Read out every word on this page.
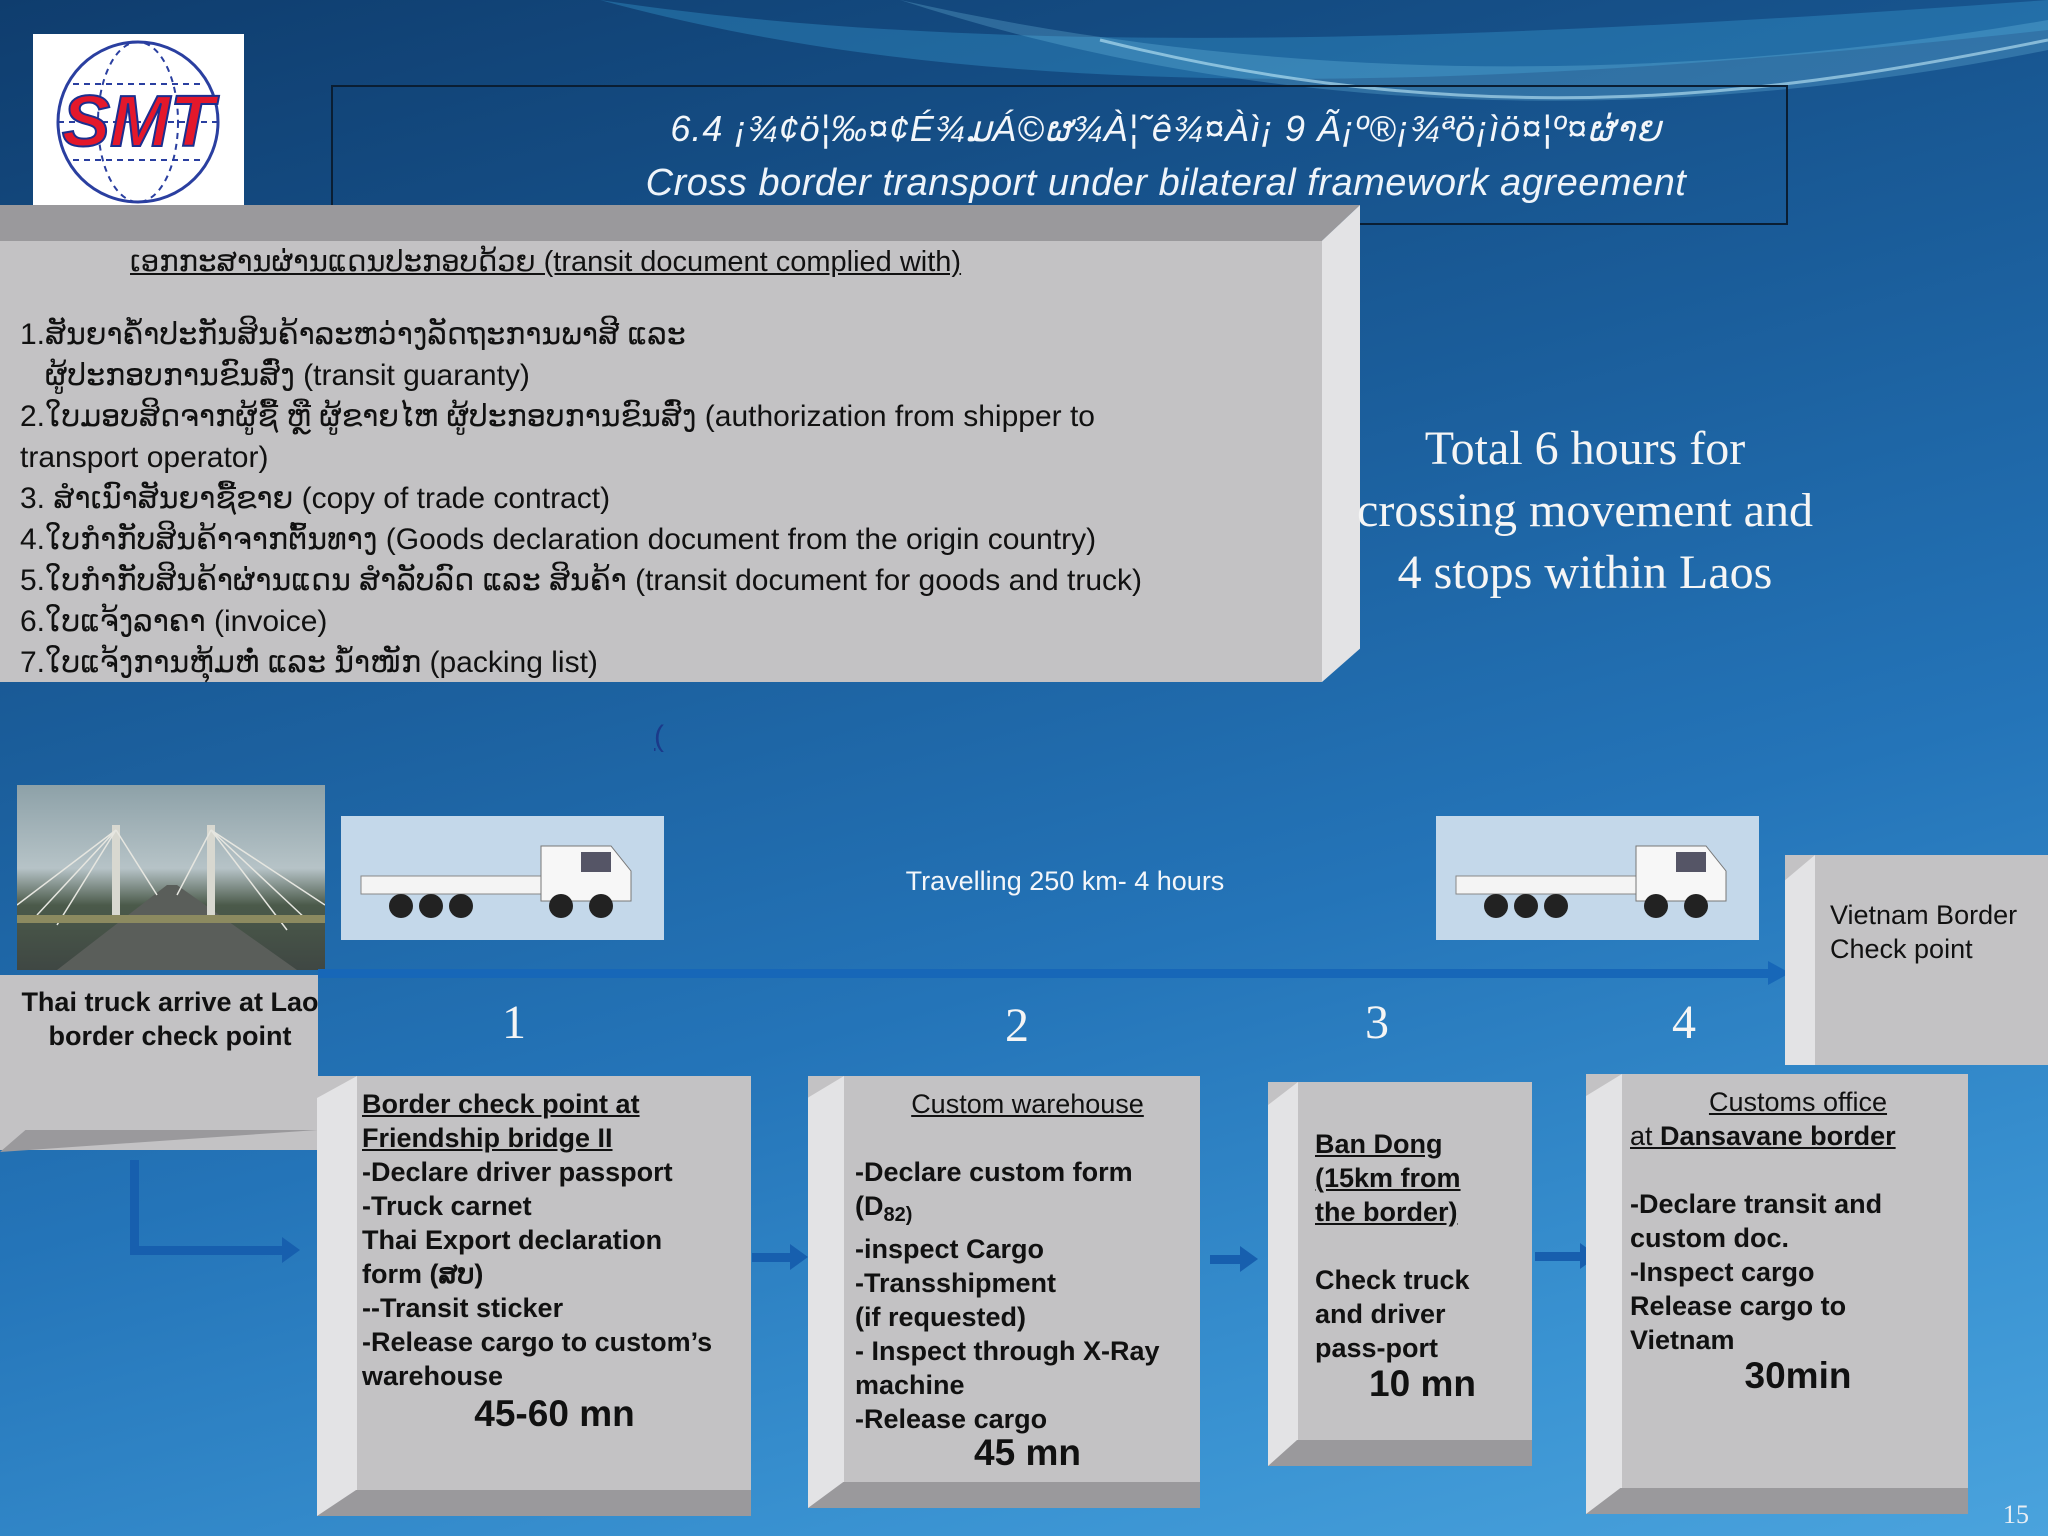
SMT	6.4 ¡¾¢ö¦‰¤¢É¾ມÁ©ຜ¾À¦˜ê¾¤Àì¡ 9 Ã¡º®¡¾ªö¡ìö¤¦º¤ຜ່າຍ
Cross border transport under bilateral framework agreement
ເອກກະສານຜ່ານແດນປະກອບດ້ວຍ (transit document complied with)
1.ສັນຍາຄ້ຳປະກັນສິນຄ້າລະຫວ່າງລັດຖະການພາສີ ແລະ
ຜູ້ປະກອບການຂົນສົ່ງ (transit guaranty)
2.ໃບມອບສິດຈາກຜູ້ຊື້ ຫຼື ຜູ້ຂາຍໄຫ ຜູ້ປະກອບການຂົນສົ່ງ (authorization from shipper to
transport operator)
3. ສຳເນົາສັນຍາຊື້ຂາຍ (copy of trade contract)
4.ໃບກຳກັບສິນຄ້າຈາກຕົ້ນທາງ (Goods declaration document from the origin country)
5.ໃບກຳກັບສິນຄ້າຜ່ານແດນ ສຳລັບລົດ ແລະ ສິນຄ້າ (transit document for goods and truck)
6.ໃບແຈ້ງລາຄາ (invoice)
7.ໃບແຈ້ງການຫຸ້ມຫໍ່ ແລະ ນ້ຳໜັກ (packing list)
Total 6 hours for crossing movement and 4 stops within Laos
(
Travelling 250 km- 4 hours
1	2	3	4
Thai truck arrive at Lao border check point
Vietnam Border Check point
Border check point at
Friendship bridge II
-Declare driver passport
-Truck carnet
Thai Export declaration
form (ສບ)
--Transit sticker
-Release cargo to custom’s
warehouse
45-60 mn
Custom warehouse
-Declare custom form
($D_{82)}$
-inspect Cargo
-Transshipment
(if requested)
- Inspect through X-Ray
machine
-Release cargo
45 mn
Ban Dong
(15km from
the border)
Check truck
and driver
pass-port
10 mn
Customs office
at Dansavane border
-Declare transit and
custom doc.
-Inspect cargo
Release cargo to
Vietnam
30min
15
